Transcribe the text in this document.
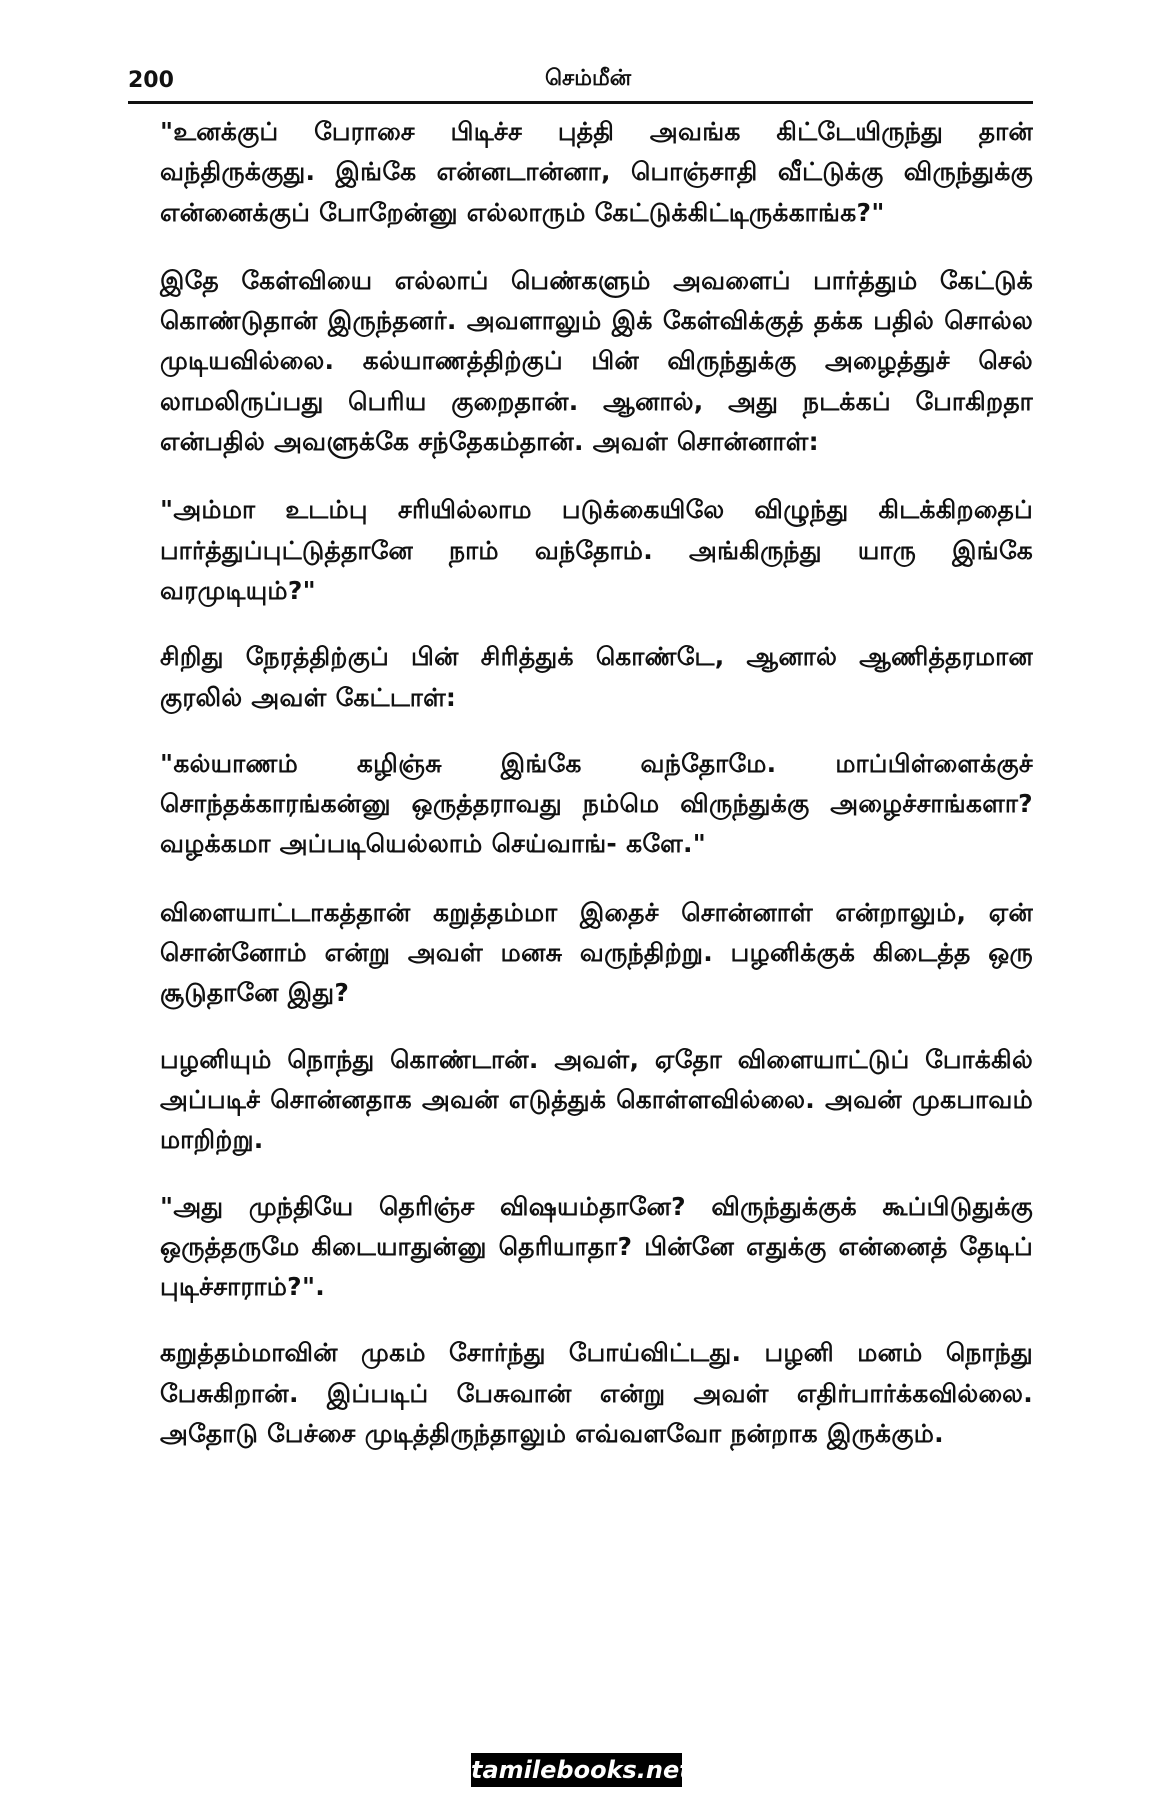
200	செம்மீன்

"உனக்குப் பேராசை பிடிச்ச புத்தி அவங்க கிட்டேயிருந்து தான் வந்திருக்குது. இங்கே என்னடான்னா, பொஞ்சாதி வீட்டுக்கு விருந்துக்கு என்னைக்குப் போறேன்னு எல்லாரும் கேட்டுக்கிட்டிருக்காங்க?"

இதே கேள்வியை எல்லாப் பெண்களும் அவளைப் பார்த்தும் கேட்டுக் கொண்டுதான் இருந்தனர். அவளாலும் இக் கேள்விக்குத் தக்க பதில் சொல்ல முடியவில்லை. கல்யாணத்திற்குப் பின் விருந்துக்கு அழைத்துச் செல் லாமலிருப்பது பெரிய குறைதான். ஆனால், அது நடக்கப் போகிறதா என்பதில் அவளுக்கே சந்தேகம்தான். அவள் சொன்னாள்:

"அம்மா உடம்பு சரியில்லாம படுக்கையிலே விழுந்து கிடக்கிறதைப் பார்த்துப்புட்டுத்தானே நாம் வந்தோம். அங்கிருந்து யாரு இங்கே வரமுடியும்?"

சிறிது நேரத்திற்குப் பின் சிரித்துக் கொண்டே, ஆனால் ஆணித்தரமான குரலில் அவள் கேட்டாள்:

"கல்யாணம் கழிஞ்சு இங்கே வந்தோமே. மாப்பிள்ளைக்குச் சொந்தக்காரங்கன்னு ஒருத்தராவது நம்மெ விருந்துக்கு அழைச்சாங்களா? வழக்கமா அப்படியெல்லாம் செய்வாங்- களே."

விளையாட்டாகத்தான் கறுத்தம்மா இதைச் சொன்னாள் என்றாலும், ஏன் சொன்னோம் என்று அவள் மனசு வருந்திற்று. பழனிக்குக் கிடைத்த ஒரு சூடுதானே இது?

பழனியும் நொந்து கொண்டான். அவள், ஏதோ விளையாட்டுப் போக்கில் அப்படிச் சொன்னதாக அவன் எடுத்துக் கொள்ளவில்லை. அவன் முகபாவம் மாறிற்று.

"அது முந்தியே தெரிஞ்ச விஷயம்தானே? விருந்துக்குக் கூப்பிடுதுக்கு ஒருத்தருமே கிடையாதுன்னு தெரியாதா? பின்னே எதுக்கு என்னைத் தேடிப் புடிச்சாராம்?".

கறுத்தம்மாவின் முகம் சோர்ந்து போய்விட்டது. பழனி மனம் நொந்து பேசுகிறான். இப்படிப் பேசுவான் என்று அவள் எதிர்பார்க்கவில்லை. அதோடு பேச்சை முடித்திருந்தாலும் எவ்வளவோ நன்றாக இருக்கும்.

tamilebooks.net
